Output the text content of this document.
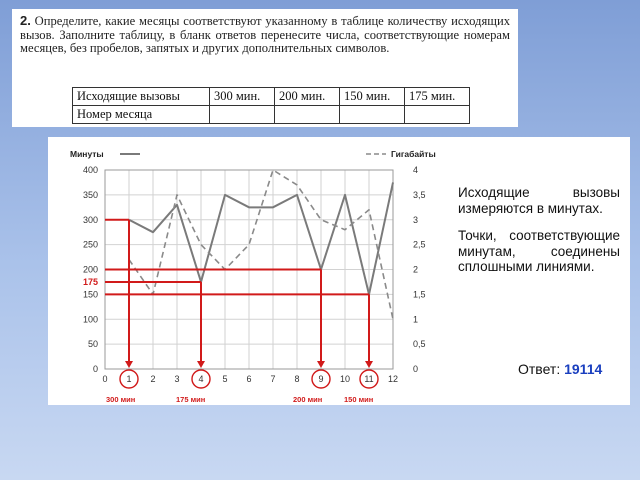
2. Определите, какие месяцы соответствуют указанному в таблице количеству исходящих вызов. Заполните таблицу, в бланк ответов перенесите числа, соответствующие номерам месяцев, без пробелов, запятых и других дополнительных символов.

Исходящие вызовы	300 мин.	200 мин.	150 мин.	175 мин.
Номер месяца				
0
50
100
150
200
250
300
350
400
0
0,5
1
1,5
2
2,5
3
3,5
4
0 1 2 3 4 5 6 7 8 9 10 11 12
Минуты	Гигабайты
300 мин	175 мин	200 мин	150 мин
175

Исходящие вызовы измеряются в минутах.

Точки, соответствующие минутам, соединены сплошными линиями.

Ответ: 19114
